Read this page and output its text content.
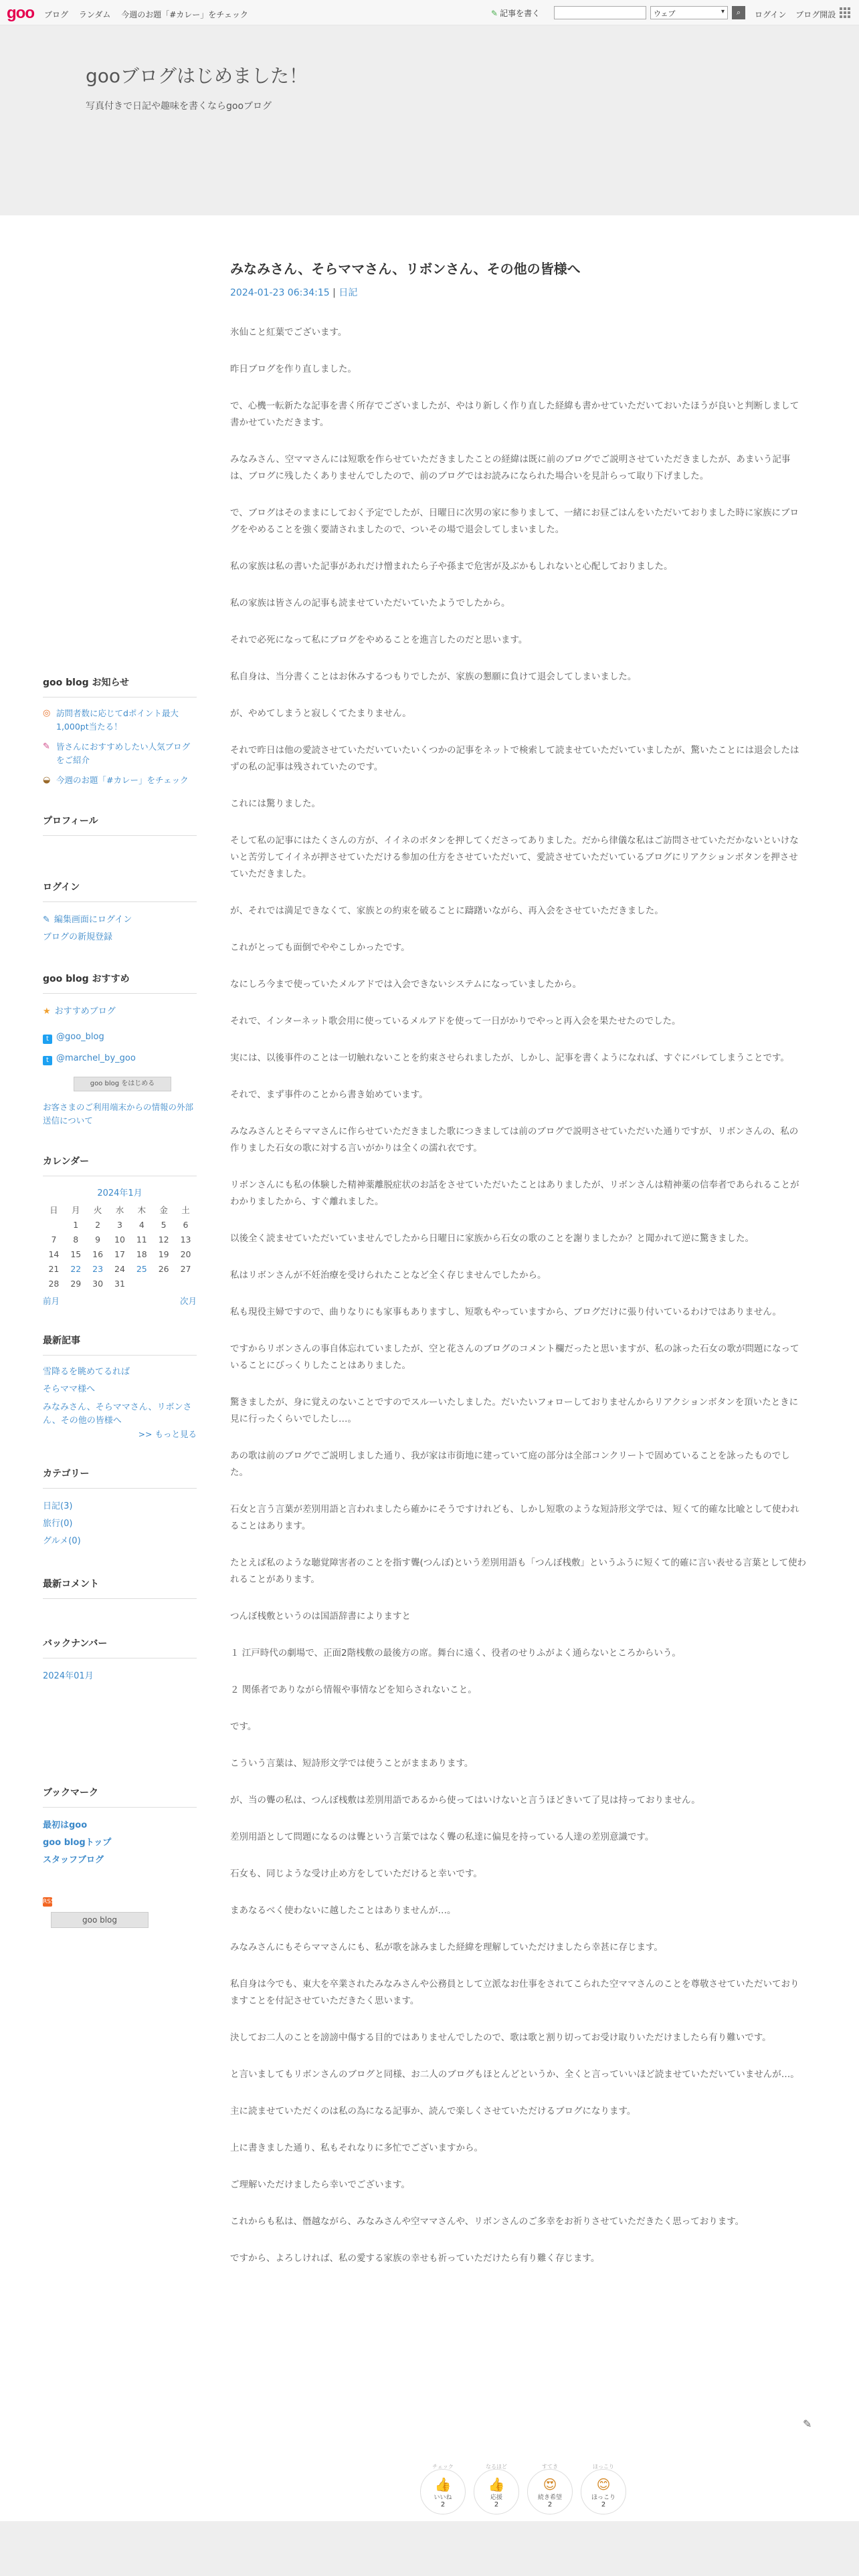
goo ブログ ランダム 今週のお題「#カレー」をチェック	✎ 記事を書く	ウェブ	▾	⌕	ログイン ブログ開設
gooブログはじめました！
写真付きで日記や趣味を書くならgooブログ
みなみさん、そらママさん、リボンさん、その他の皆様へ
2024-01-23 06:34:15 | 日記

氷仙こと紅葉でございます。

昨日ブログを作り直しました。

で、心機一転新たな記事を書く所存でございましたが、やはり新しく作り直した経緯も書かせていただいておいたほうが良いと判断しまして書かせていただきます。

みなみさん、空ママさんには短歌を作らせていただきましたことの経緯は既に前のブログでご説明させていただきましたが、あまいう記事は、ブログに残したくありませんでしたので、前のブログではお読みになられた場合いを見計らって取り下げました。

で、ブログはそのままにしておく予定でしたが、日曜日に次男の家に参りまして、一緒にお昼ごはんをいただいておりました時に家族にブログをやめることを強く要請されましたので、ついその場で退会してしまいました。

私の家族は私の書いた記事があれだけ憎まれたら子や孫まで危害が及ぶかもしれないと心配しておりました。

私の家族は皆さんの記事も読ませていただいていたようでしたから。

それで必死になって私にブログをやめることを進言したのだと思います。

私自身は、当分書くことはお休みするつもりでしたが、家族の懇願に負けて退会してしまいました。

が、やめてしまうと寂しくてたまりません。

それで昨日は他の愛読させていただいていたいくつかの記事をネットで検索して読ませていただいていましたが、驚いたことには退会したはずの私の記事は残されていたのです。

これには驚りました。

そして私の記事にはたくさんの方が、イイネのボタンを押してくださってありました。だから律儀な私はご訪問させていただかないといけないと苦労してイイネが押させていただける参加の仕方をさせていただいて、愛読させていただいているブログにリアクションボタンを押させていただきました。

が、それでは満足できなくて、家族との約束を破ることに躊躇いながら、再入会をさせていただきました。

これがとっても面倒でややこしかったです。

なにしろ今まで使っていたメルアドでは入会できないシステムになっていましたから。

それで、インターネット歌会用に使っているメルアドを使って一日がかりでやっと再入会を果たせたのでした。

実には、以後事件のことは一切触れないことを約束させられましたが、しかし、記事を書くようになれば、すぐにバレてしまうことです。

それで、まず事件のことから書き始めています。

みなみさんとそらママさんに作らせていただきました歌につきましては前のブログで説明させていただいた通りですが、リボンさんの、私の作りました石女の歌に対する言いがかりは全くの濡れ衣です。

リボンさんにも私の体験した精神薬離脱症状のお話をさせていただいたことはありましたが、リボンさんは精神薬の信奉者であられることがわかりましたから、すぐ離れました。

以後全く読ませていただいていませんでしたから日曜日に家族から石女の歌のことを謝りましたか？と聞かれて逆に驚きました。

私はリボンさんが不妊治療を受けられたことなど全く存じませんでしたから。

私も現役主婦ですので、曲りなりにも家事もありますし、短歌もやっていますから、ブログだけに張り付いているわけではありません。

ですからリボンさんの事自体忘れていましたが、空と花さんのブログのコメント欄だったと思いますが、私の詠った石女の歌が問題になっていることにびっくりしたことはありました。

驚きましたが、身に覚えのないことですのでスルーいたしました。だいたいフォローしておりませんからリアクションボタンを頂いたときに見に行ったくらいでしたし…。

あの歌は前のブログでご説明しました通り、我が家は市街地に建っていて庭の部分は全部コンクリートで固めていることを詠ったものでした。

石女と言う言葉が差別用語と言われましたら確かにそうですけれども、しかし短歌のような短詩形文学では、短くて的確な比喩として使われることはあります。

たとえば私のような聴覚障害者のことを指す聾(つんぼ)という差別用語も「つんぼ桟敷」というふうに短くて的確に言い表せる言葉として使われることがあります。

つんぼ桟敷というのは国語辞書によりますと

１ 江戸時代の劇場で、正面2階桟敷の最後方の席。舞台に遠く、役者のせりふがよく通らないところからいう。

２ 関係者でありながら情報や事情などを知らされないこと。

です。

こういう言葉は、短詩形文学では使うことがままあります。

が、当の聾の私は、つんぼ桟敷は差別用語であるから使ってはいけないと言うほどきいて了見は持っておりません。

差別用語として問題になるのは聾という言葉ではなく聾の私達に偏見を持っている人達の差別意識です。

石女も、同じような受け止め方をしていただけると幸いです。

まあなるべく使わないに越したことはありませんが…。

みなみさんにもそらママさんにも、私が歌を詠みました経緯を理解していただけましたら幸甚に存じます。

私自身は今でも、東大を卒業されたみなみさんや公務員として立派なお仕事をされてこられた空ママさんのことを尊敬させていただいておりますことを付記させていただきたく思います。

決してお二人のことを謗謗中傷する目的ではありませんでしたので、歌は歌と割り切ってお受け取りいただけましたら有り難いです。

と言いましてもリボンさんのブログと同様、お二人のブログもほとんどというか、全くと言っていいほど読ませていただいていませんが…。

主に読ませていただくのは私の為になる記事か、読んで楽しくさせていただけるブログになります。

上に書きました通り、私もそれなりに多忙でございますから。

ご理解いただけましたら幸いでございます。

これからも私は、僭越ながら、みなみさんや空ママさんや、リボンさんのご多幸をお祈りさせていただきたく思っております。

ですから、よろしければ、私の愛する家族の幸せも祈っていただけたら有り難く存じます。

✎
チェック
👍
いいね
2
なるほど
👍
応援
2
すてき
😍
続き希望
2
ほっこり
😊
ほっこり
2
goo blog お知らせ
◎ 訪問者数に応じてdポイント最大1,000pt当たる！
✎ 皆さんにおすすめしたい人気ブログをご紹介
◒ 今週のお題「#カレー」をチェック
プロフィール
ログイン
✎ 編集画面にログイン
ブログの新規登録
goo blog おすすめ
★ おすすめブログ
t @goo_blog
t @marchel_by_goo
goo blog をはじめる
お客さまのご利用端末からの情報の外部送信について
カレンダー
2024年1月
日	月	火	水	木	金	土
	1	2	3	4	5	6
7	8	9	10	11	12	13
14	15	16	17	18	19	20
21	22	23	24	25	26	27
28	29	30	31			
前月	次月
最新記事
雪降るを眺めてるれば
そらママ様へ
みなみさん、そらママさん、リボンさん、その他の皆様へ
>> もっと見る
カテゴリー
日記(3)
旅行(0)
グルメ(0)
最新コメント
バックナンバー
2024年01月
ブックマーク
最初はgoo
goo blogトップ
スタッフブログ
RSS
goo blog
